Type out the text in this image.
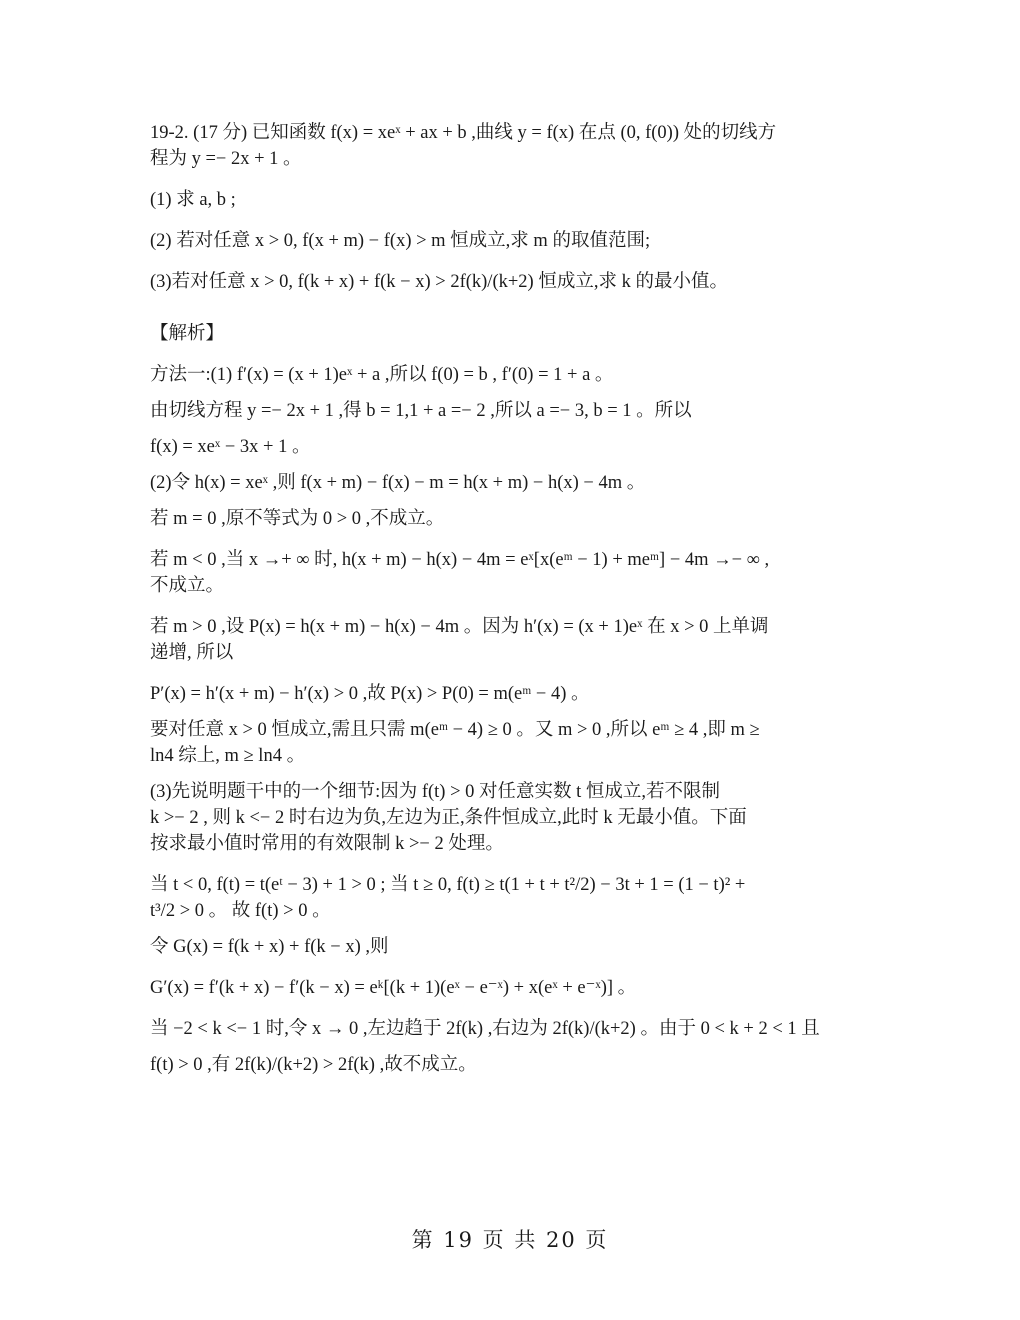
19-2. (17 分) 已知函数 f(x) = xeˣ + ax + b ,曲线 y = f(x) 在点 (0, f(0)) 处的切线方
程为 y =− 2x + 1 。
(1) 求 a, b ;
(2) 若对任意 x > 0, f(x + m) − f(x) > m 恒成立,求 m 的取值范围;
(3)若对任意 x > 0, f(k + x) + f(k − x) > 2f(k)/(k+2) 恒成立,求 k 的最小值。
【解析】
方法一:(1) f′(x) = (x + 1)eˣ + a ,所以 f(0) = b , f′(0) = 1 + a 。
由切线方程 y =− 2x + 1 ,得 b = 1,1 + a =− 2 ,所以 a =− 3, b = 1 。所以
f(x) = xeˣ − 3x + 1 。
(2)令 h(x) = xeˣ ,则 f(x + m) − f(x) − m = h(x + m) − h(x) − 4m 。
若 m = 0 ,原不等式为 0 > 0 ,不成立。
若 m < 0 ,当 x →+ ∞ 时, h(x + m) − h(x) − 4m = eˣ[x(eᵐ − 1) + meᵐ] − 4m →− ∞ ,
不成立。
若 m > 0 ,设 P(x) = h(x + m) − h(x) − 4m 。因为 h′(x) = (x + 1)eˣ 在 x > 0 上单调
递增, 所以
P′(x) = h′(x + m) − h′(x) > 0 ,故 P(x) > P(0) = m(eᵐ − 4) 。
要对任意 x > 0 恒成立,需且只需 m(eᵐ − 4) ≥ 0 。又 m > 0 ,所以 eᵐ ≥ 4 ,即 m ≥
ln4 综上, m ≥ ln4 。
(3)先说明题干中的一个细节:因为 f(t) > 0 对任意实数 t 恒成立,若不限制
k >− 2 , 则 k <− 2 时右边为负,左边为正,条件恒成立,此时 k 无最小值。下面
按求最小值时常用的有效限制 k >− 2 处理。
当 t < 0, f(t) = t(eᵗ − 3) + 1 > 0 ; 当 t ≥ 0, f(t) ≥ t(1 + t + t²/2) − 3t + 1 = (1 − t)² +
t³/2 > 0 。 故 f(t) > 0 。
令 G(x) = f(k + x) + f(k − x) ,则
G′(x) = f′(k + x) − f′(k − x) = eᵏ[(k + 1)(eˣ − e⁻ˣ) + x(eˣ + e⁻ˣ)] 。
当 −2 < k <− 1 时,令 x → 0 ,左边趋于 2f(k) ,右边为 2f(k)/(k+2) 。由于 0 < k + 2 < 1 且
f(t) > 0 ,有 2f(k)/(k+2) > 2f(k) ,故不成立。
第 19 页 共 20 页
